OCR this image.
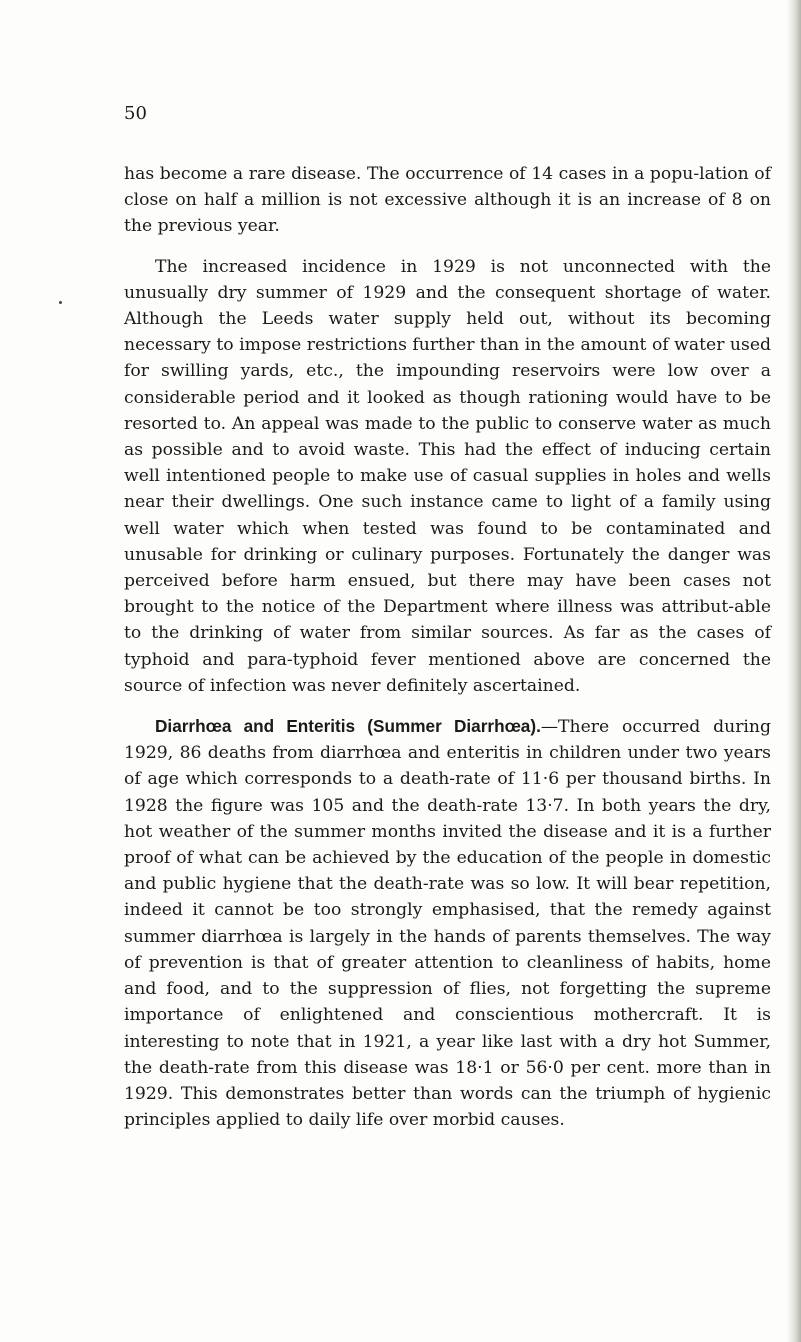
50

has become a rare disease. The occurrence of 14 cases in a popu-lation of close on half a million is not excessive although it is an increase of 8 on the previous year.

The increased incidence in 1929 is not unconnected with the unusually dry summer of 1929 and the consequent shortage of water. Although the Leeds water supply held out, without its becoming necessary to impose restrictions further than in the amount of water used for swilling yards, etc., the impounding reservoirs were low over a considerable period and it looked as though rationing would have to be resorted to. An appeal was made to the public to conserve water as much as possible and to avoid waste. This had the effect of inducing certain well intentioned people to make use of casual supplies in holes and wells near their dwellings. One such instance came to light of a family using well water which when tested was found to be contaminated and unusable for drinking or culinary purposes. Fortunately the danger was perceived before harm ensued, but there may have been cases not brought to the notice of the Department where illness was attribut-able to the drinking of water from similar sources. As far as the cases of typhoid and para-typhoid fever mentioned above are concerned the source of infection was never definitely ascertained.

Diarrhœa and Enteritis (Summer Diarrhœa).—There occurred during 1929, 86 deaths from diarrhœa and enteritis in children under two years of age which corresponds to a death-rate of 11·6 per thousand births. In 1928 the figure was 105 and the death-rate 13·7. In both years the dry, hot weather of the summer months invited the disease and it is a further proof of what can be achieved by the education of the people in domestic and public hygiene that the death-rate was so low. It will bear repetition, indeed it cannot be too strongly emphasised, that the remedy against summer diarrhœa is largely in the hands of parents themselves. The way of prevention is that of greater attention to cleanliness of habits, home and food, and to the suppression of flies, not forgetting the supreme importance of enlightened and conscientious mothercraft. It is interesting to note that in 1921, a year like last with a dry hot Summer, the death-rate from this disease was 18·1 or 56·0 per cent. more than in 1929. This demonstrates better than words can the triumph of hygienic principles applied to daily life over morbid causes.
